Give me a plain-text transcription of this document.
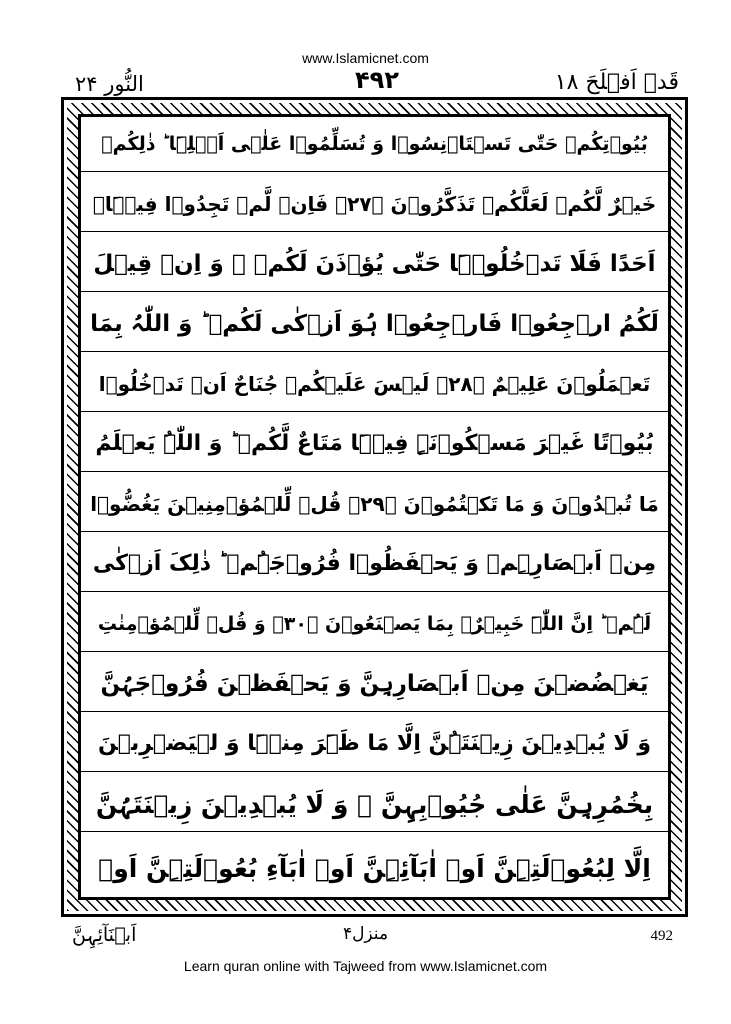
www.Islamicnet.com
النُّور ۲۴	۴۹۲	قَدۡ اَفۡلَحَ ۱۸
بُیُوۡتِکُمۡ حَتّٰی تَسۡتَاۡنِسُوۡا وَ تُسَلِّمُوۡا عَلٰۤی اَہۡلِہَا ؕ ذٰلِکُمۡ
خَیۡرٌ لَّکُمۡ لَعَلَّکُمۡ تَذَکَّرُوۡنَ ﴿۲۷﴾ فَاِنۡ لَّمۡ تَجِدُوۡا فِیۡہَاۤ
اَحَدًا فَلَا تَدۡخُلُوۡہَا حَتّٰی یُؤۡذَنَ لَکُمۡ ۚ وَ اِنۡ قِیۡلَ
لَکُمُ ارۡجِعُوۡا فَارۡجِعُوۡا ہُوَ اَزۡکٰی لَکُمۡ ؕ وَ اللّٰہُ بِمَا
تَعۡمَلُوۡنَ عَلِیۡمٌ ﴿۲۸﴾ لَیۡسَ عَلَیۡکُمۡ جُنَاحٌ اَنۡ تَدۡخُلُوۡا
بُیُوۡتًا غَیۡرَ مَسۡکُوۡنَۃٍ فِیۡہَا مَتَاعٌ لَّکُمۡ ؕ وَ اللّٰہُ یَعۡلَمُ
مَا تُبۡدُوۡنَ وَ مَا تَکۡتُمُوۡنَ ﴿۲۹﴾ قُلۡ لِّلۡمُؤۡمِنِیۡنَ یَغُضُّوۡا
مِنۡ اَبۡصَارِہِمۡ وَ یَحۡفَظُوۡا فُرُوۡجَہُمۡ ؕ ذٰلِکَ اَزۡکٰی
لَہُمۡ ؕ اِنَّ اللّٰہَ خَبِیۡرٌۢ بِمَا یَصۡنَعُوۡنَ ﴿۳۰﴾ وَ قُلۡ لِّلۡمُؤۡمِنٰتِ
یَغۡضُضۡنَ مِنۡ اَبۡصَارِہِنَّ وَ یَحۡفَظۡنَ فُرُوۡجَہُنَّ
وَ لَا یُبۡدِیۡنَ زِیۡنَتَہُنَّ اِلَّا مَا ظَہَرَ مِنۡہَا وَ لۡیَضۡرِبۡنَ
بِخُمُرِہِنَّ عَلٰی جُیُوۡبِہِنَّ ۪ وَ لَا یُبۡدِیۡنَ زِیۡنَتَہُنَّ
اِلَّا لِبُعُوۡلَتِہِنَّ اَوۡ اٰبَآئِہِنَّ اَوۡ اٰبَآءِ بُعُوۡلَتِہِنَّ اَوۡ
اَبۡنَآئِہِنَّ	منزل۴	492
Learn quran online with Tajweed from www.Islamicnet.com
